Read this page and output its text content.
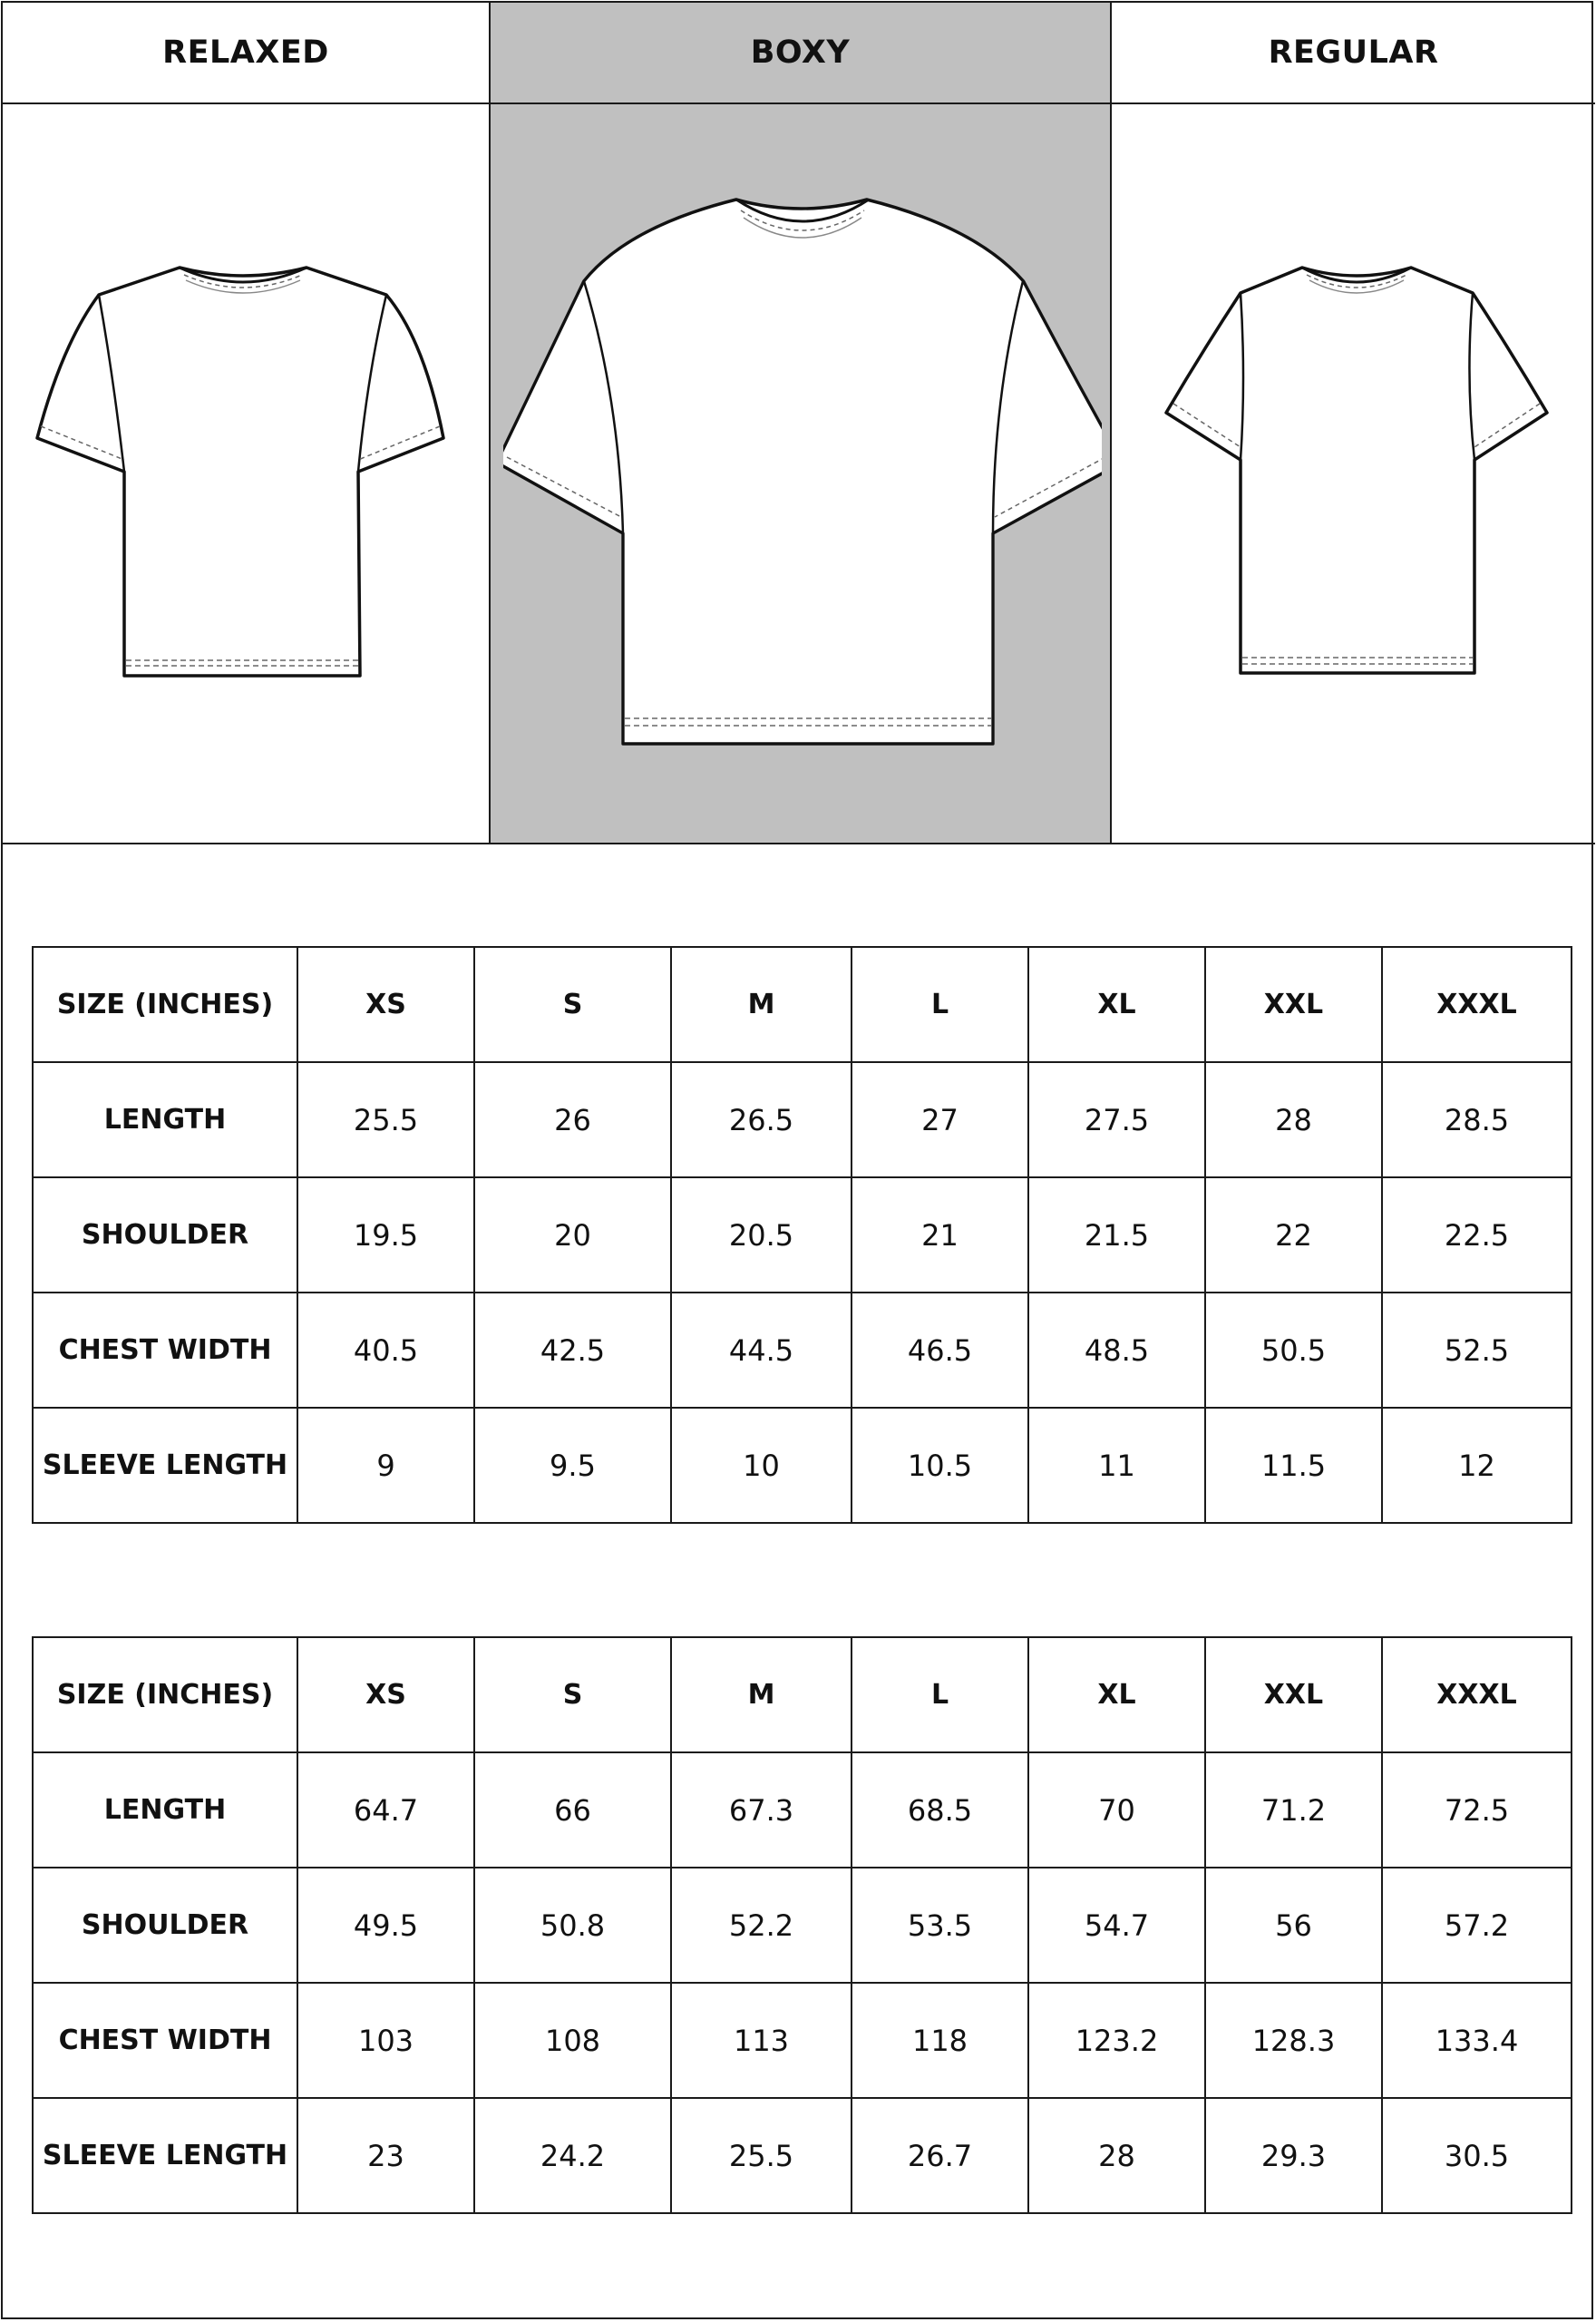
RELAXED	BOXY	REGULAR
SIZE (INCHES)	XS	S	M	L	XL	XXL	XXXL
LENGTH	25.5	26	26.5	27	27.5	28	28.5
SHOULDER	19.5	20	20.5	21	21.5	22	22.5
CHEST WIDTH	40.5	42.5	44.5	46.5	48.5	50.5	52.5
SLEEVE LENGTH	9	9.5	10	10.5	11	11.5	12
SIZE (INCHES)	XS	S	M	L	XL	XXL	XXXL
LENGTH	64.7	66	67.3	68.5	70	71.2	72.5
SHOULDER	49.5	50.8	52.2	53.5	54.7	56	57.2
CHEST WIDTH	103	108	113	118	123.2	128.3	133.4
SLEEVE LENGTH	23	24.2	25.5	26.7	28	29.3	30.5
